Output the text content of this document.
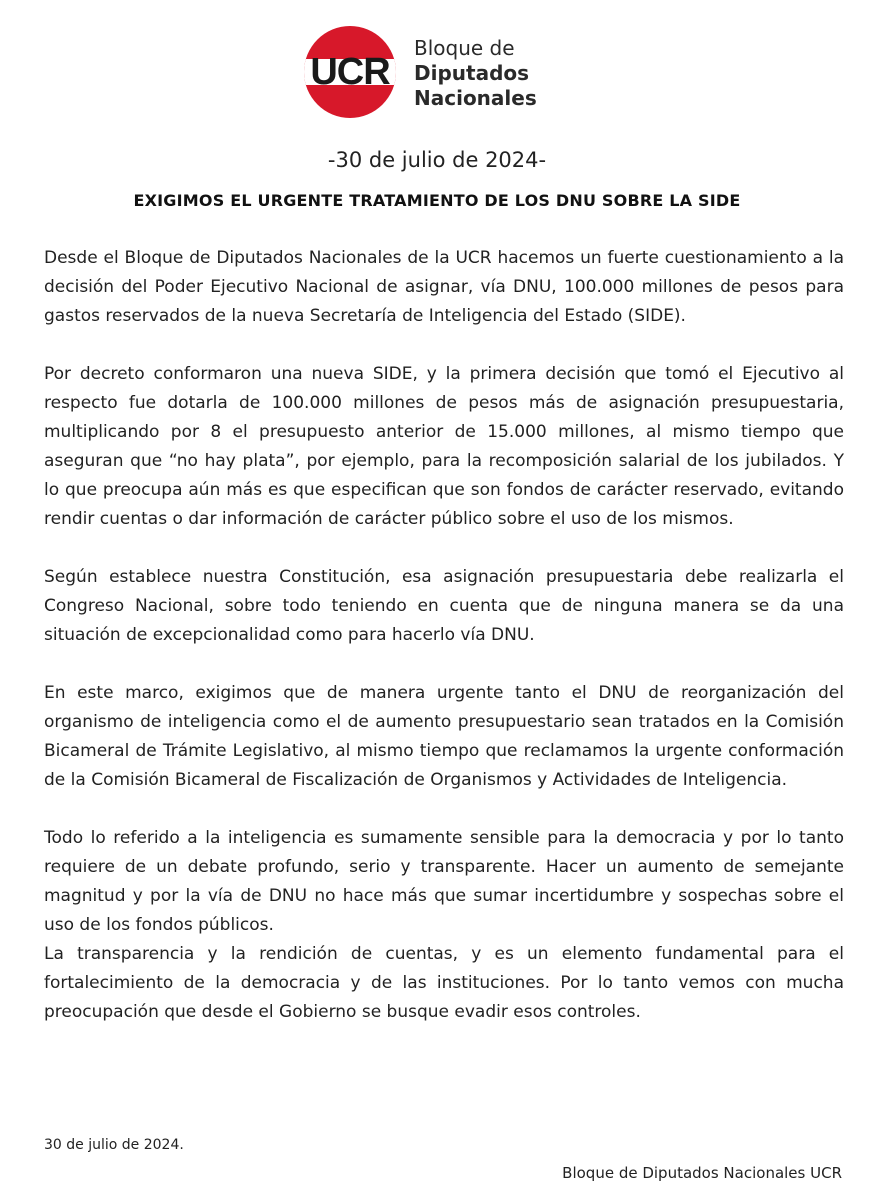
UCR
Bloque de
Diputados
Nacionales
-30 de julio de 2024-
EXIGIMOS EL URGENTE TRATAMIENTO DE LOS DNU SOBRE LA SIDE

Desde el Bloque de Diputados Nacionales de la UCR hacemos un fuerte cuestionamiento a la decisión del Poder Ejecutivo Nacional de asignar, vía DNU, 100.000 millones de pesos para gastos reservados de la nueva Secretaría de Inteligencia del Estado (SIDE).

Por decreto conformaron una nueva SIDE, y la primera decisión que tomó el Ejecutivo al respecto fue dotarla de 100.000 millones de pesos más de asignación presupuestaria, multiplicando por 8 el presupuesto anterior de 15.000 millones, al mismo tiempo que aseguran que “no hay plata”, por ejemplo, para la recomposición salarial de los jubilados. Y lo que preocupa aún más es que especifican que son fondos de carácter reservado, evitando rendir cuentas o dar información de carácter público sobre el uso de los mismos.

Según establece nuestra Constitución, esa asignación presupuestaria debe realizarla el Congreso Nacional, sobre todo teniendo en cuenta que de ninguna manera se da una situación de excepcionalidad como para hacerlo vía DNU.

En este marco, exigimos que de manera urgente tanto el DNU de reorganización del organismo de inteligencia como el de aumento presupuestario sean tratados en la Comisión Bicameral de Trámite Legislativo, al mismo tiempo que reclamamos la urgente conformación de la Comisión Bicameral de Fiscalización de Organismos y Actividades de Inteligencia.

Todo lo referido a la inteligencia es sumamente sensible para la democracia y por lo tanto requiere de un debate profundo, serio y transparente. Hacer un aumento de semejante magnitud y por la vía de DNU no hace más que sumar incertidumbre y sospechas sobre el uso de los fondos públicos.

La transparencia y la rendición de cuentas, y es un elemento fundamental para el fortalecimiento de la democracia y de las instituciones. Por lo tanto vemos con mucha preocupación que desde el Gobierno se busque evadir esos controles.

30 de julio de 2024.
Bloque de Diputados Nacionales UCR
